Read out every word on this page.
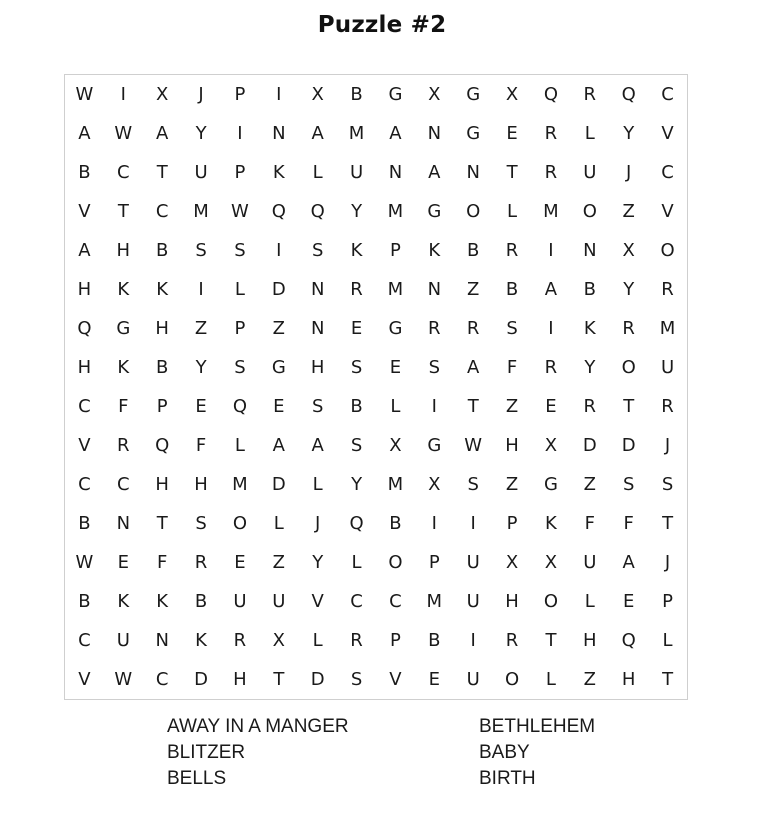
Puzzle #2
W	I	X	J	P	I	X	B	G	X	G	X	Q	R	Q	C
A	W	A	Y	I	N	A	M	A	N	G	E	R	L	Y	V
B	C	T	U	P	K	L	U	N	A	N	T	R	U	J	C
V	T	C	M	W	Q	Q	Y	M	G	O	L	M	O	Z	V
A	H	B	S	S	I	S	K	P	K	B	R	I	N	X	O
H	K	K	I	L	D	N	R	M	N	Z	B	A	B	Y	R
Q	G	H	Z	P	Z	N	E	G	R	R	S	I	K	R	M
H	K	B	Y	S	G	H	S	E	S	A	F	R	Y	O	U
C	F	P	E	Q	E	S	B	L	I	T	Z	E	R	T	R
V	R	Q	F	L	A	A	S	X	G	W	H	X	D	D	J
C	C	H	H	M	D	L	Y	M	X	S	Z	G	Z	S	S
B	N	T	S	O	L	J	Q	B	I	I	P	K	F	F	T
W	E	F	R	E	Z	Y	L	O	P	U	X	X	U	A	J
B	K	K	B	U	U	V	C	C	M	U	H	O	L	E	P
C	U	N	K	R	X	L	R	P	B	I	R	T	H	Q	L
V	W	C	D	H	T	D	S	V	E	U	O	L	Z	H	T
AWAY IN A MANGER
BLITZER
BELLS
BETHLEHEM
BABY
BIRTH
